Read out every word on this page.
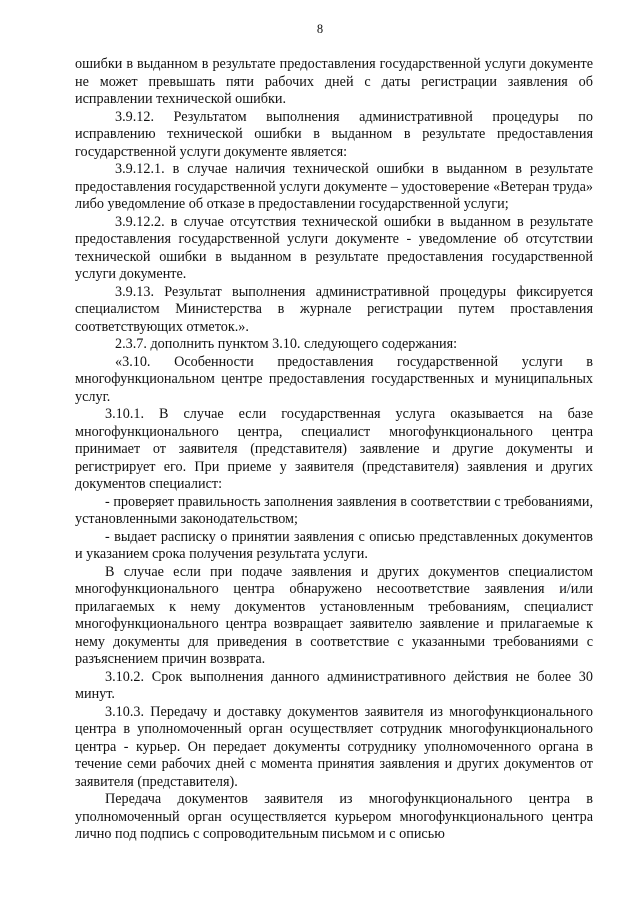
8

ошибки в выданном в результате предоставления государственной услуги документе не может превышать пяти рабочих дней с даты регистрации заявления об исправлении технической ошибки.

3.9.12. Результатом выполнения административной процедуры по исправлению технической ошибки в выданном в результате предоставления государственной услуги документе является:

3.9.12.1. в случае наличия технической ошибки в выданном в результате предоставления государственной услуги документе – удостоверение «Ветеран труда» либо уведомление об отказе в предоставлении государственной услуги;

3.9.12.2. в случае отсутствия технической ошибки в выданном в результате предоставления государственной услуги документе - уведомление об отсутствии технической ошибки в выданном в результате предоставления государственной услуги документе.

3.9.13. Результат выполнения административной процедуры фиксируется специалистом Министерства в журнале регистрации путем проставления соответствующих отметок.».

2.3.7. дополнить пунктом 3.10. следующего содержания:

«3.10. Особенности предоставления государственной услуги в многофункциональном центре предоставления государственных и муниципальных услуг.

3.10.1. В случае если государственная услуга оказывается на базе многофункционального центра, специалист многофункционального центра принимает от заявителя (представителя) заявление и другие документы и регистрирует его. При приеме у заявителя (представителя) заявления и других документов специалист:

- проверяет правильность заполнения заявления в соответствии с требованиями, установленными законодательством;

- выдает расписку о принятии заявления с описью представленных документов и указанием срока получения результата услуги.

В случае если при подаче заявления и других документов специалистом многофункционального центра обнаружено несоответствие заявления и/или прилагаемых к нему документов установленным требованиям, специалист многофункционального центра возвращает заявителю заявление и прилагаемые к нему документы для приведения в соответствие с указанными требованиями с разъяснением причин возврата.

3.10.2. Срок выполнения данного административного действия не более 30 минут.

3.10.3. Передачу и доставку документов заявителя из многофункционального центра в уполномоченный орган осуществляет сотрудник многофункционального центра - курьер. Он передает документы сотруднику уполномоченного органа в течение семи рабочих дней с момента принятия заявления и других документов от заявителя (представителя).

Передача документов заявителя из многофункционального центра в уполномоченный орган осуществляется курьером многофункционального центра лично под подпись с сопроводительным письмом и с описью
